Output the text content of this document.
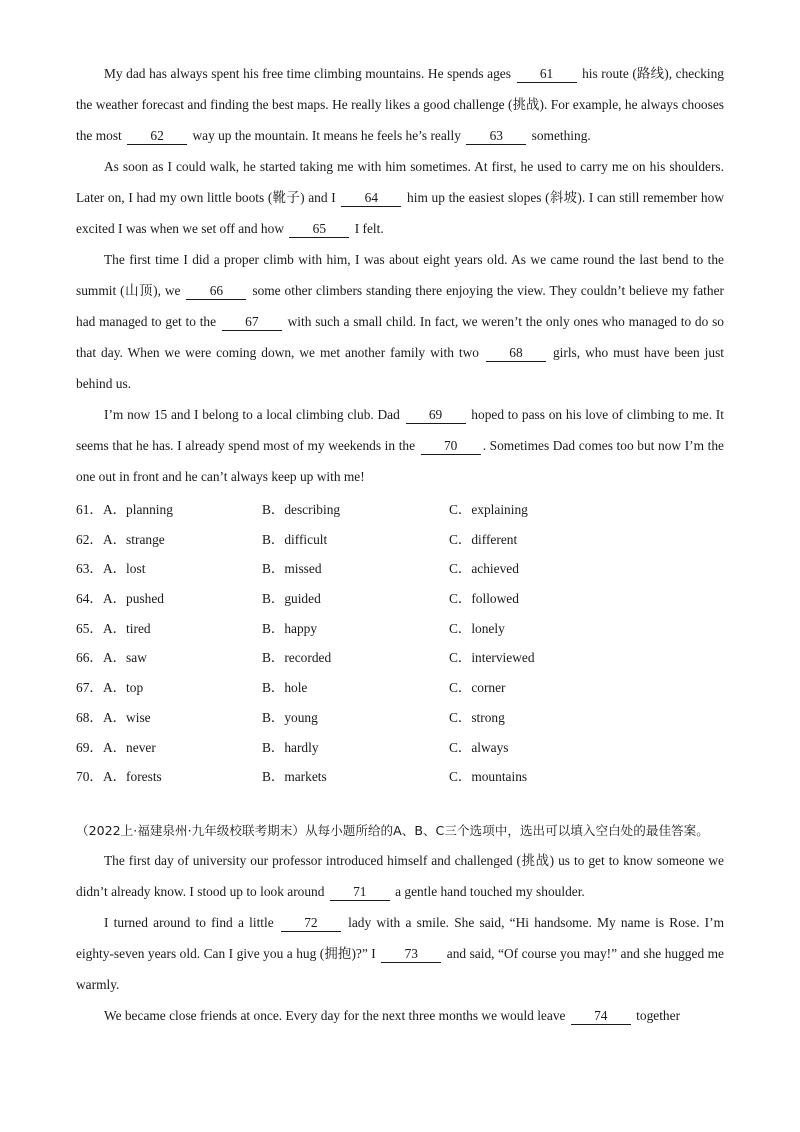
My dad has always spent his free time climbing mountains. He spends ages 61 his route (路线), checking the weather forecast and finding the best maps. He really likes a good challenge (挑战). For example, he always chooses the most 62 way up the mountain. It means he feels he’s really 63 something.

As soon as I could walk, he started taking me with him sometimes. At first, he used to carry me on his shoulders. Later on, I had my own little boots (靴子) and I 64 him up the easiest slopes (斜坡). I can still remember how excited I was when we set off and how 65 I felt.

The first time I did a proper climb with him, I was about eight years old. As we came round the last bend to the summit (山顶), we 66 some other climbers standing there enjoying the view. They couldn’t believe my father had managed to get to the 67 with such a small child. In fact, we weren’t the only ones who managed to do so that day. When we were coming down, we met another family with two 68 girls, who must have been just behind us.

I’m now 15 and I belong to a local climbing club. Dad 69 hoped to pass on his love of climbing to me. It seems that he has. I already spend most of my weekends in the 70 . Sometimes Dad comes too but now I’m the one out in front and he can’t always keep up with me!

61． A．planning	B．describing	C．explaining
62． A．strange	B．difficult	C．different
63． A．lost	B．missed	C．achieved
64． A．pushed	B．guided	C．followed
65． A．tired	B．happy	C．lonely
66． A．saw	B．recorded	C．interviewed
67． A．top	B．hole	C．corner
68． A．wise	B．young	C．strong
69． A．never	B．hardly	C．always
70． A．forests	B．markets	C．mountains

（2022上·福建泉州·九年级校联考期末）从每小题所给的A、B、C三个选项中，选出可以填入空白处的最佳答案。

The first day of university our professor introduced himself and challenged (挑战) us to get to know someone we didn’t already know. I stood up to look around 71 a gentle hand touched my shoulder.

I turned around to find a little 72 lady with a smile. She said, “Hi handsome. My name is Rose. I’m eighty-seven years old. Can I give you a hug (拥抱)?” I 73 and said, “Of course you may!” and she hugged me warmly.

We became close friends at once. Every day for the next three months we would leave 74 together
